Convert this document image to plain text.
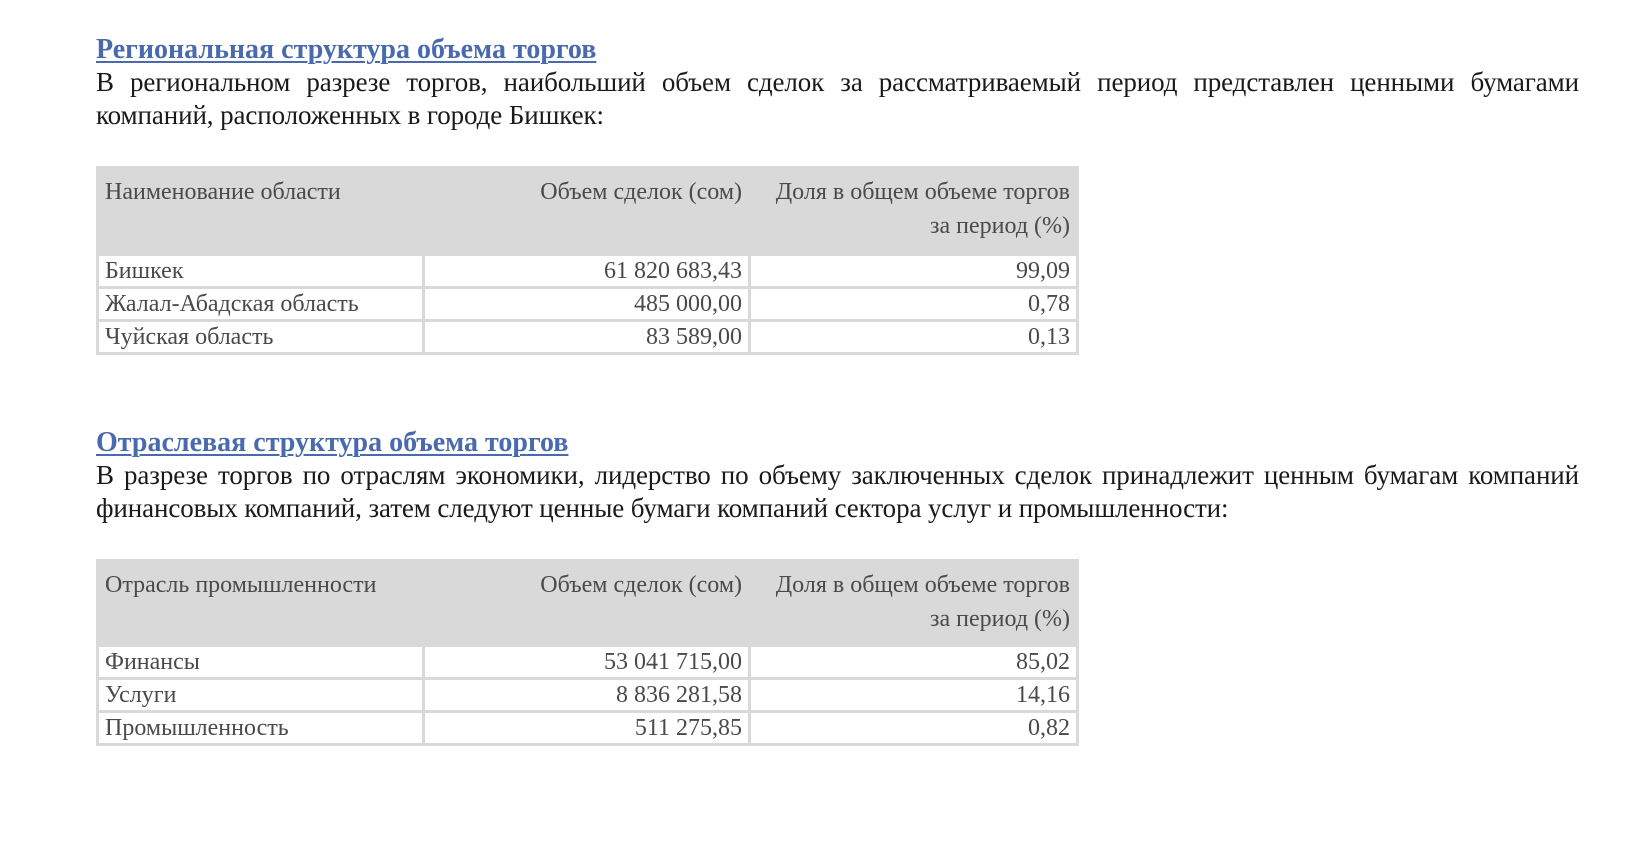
Региональная структура объема торгов

В региональном разрезе торгов, наибольший объем сделок за рассматриваемый период представлен ценными бумагами компаний, расположенных в городе Бишкек:

Наименование области	Объем сделок (сом)	Доля в общем объеме торгов за период (%)
Бишкек	61 820 683,43	99,09
Жалал-Абадская область	485 000,00	0,78
Чуйская область	83 589,00	0,13
Отраслевая структура объема торгов

В разрезе торгов по отраслям экономики, лидерство по объему заключенных сделок принадлежит ценным бумагам компаний финансовых компаний, затем следуют ценные бумаги компаний сектора услуг и промышленности:

Отрасль промышленности	Объем сделок (сом)	Доля в общем объеме торгов за период (%)
Финансы	53 041 715,00	85,02
Услуги	8 836 281,58	14,16
Промышленность	511 275,85	0,82
